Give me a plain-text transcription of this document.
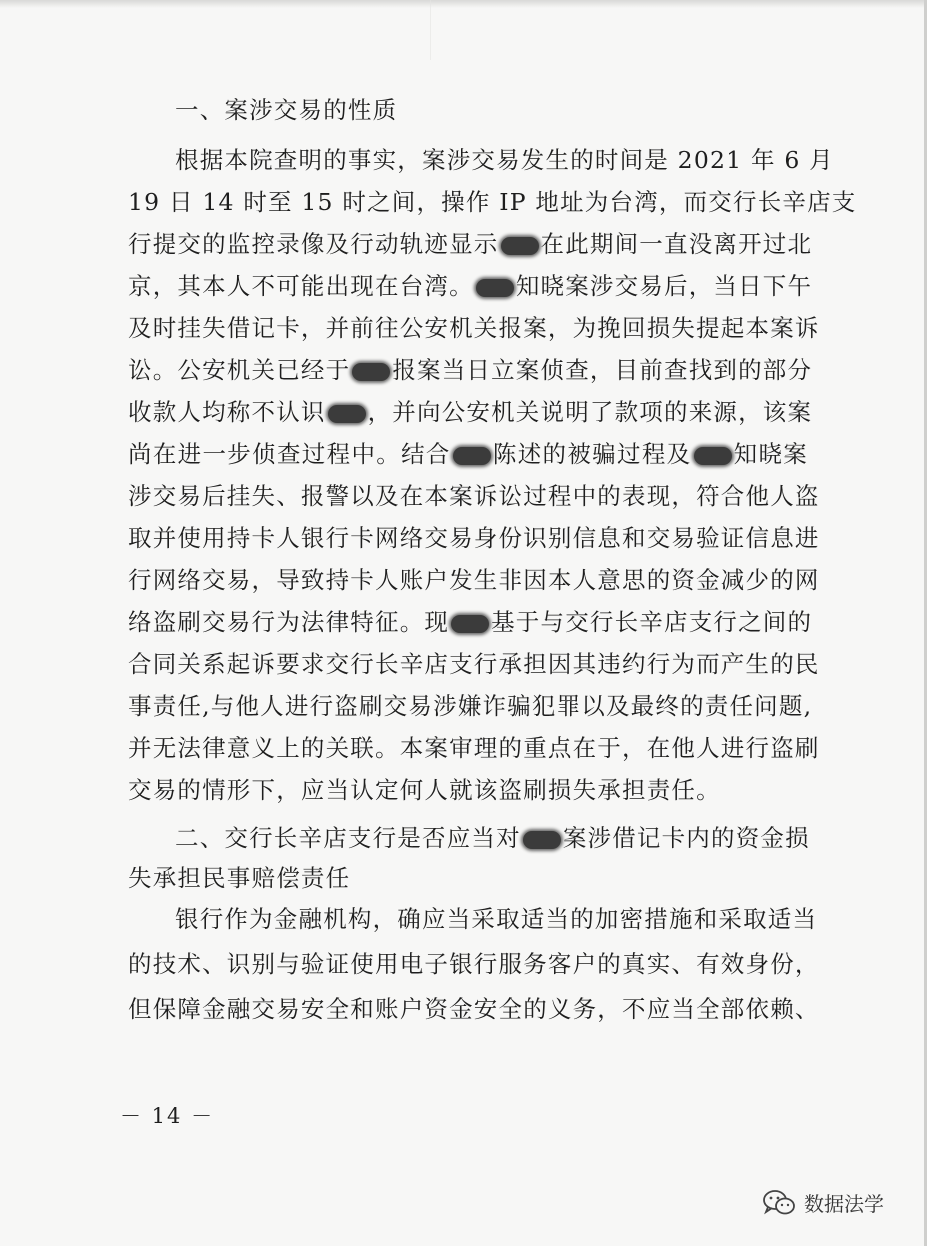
一、案涉交易的性质
根据本院查明的事实，案涉交易发生的时间是 2021 年 6 月
19 日 14 时至 15 时之间，操作 IP 地址为台湾，而交行长辛店支
行提交的监控录像及行动轨迹显示 在此期间一直没离开过北
京，其本人不可能出现在台湾。 知晓案涉交易后，当日下午
及时挂失借记卡，并前往公安机关报案，为挽回损失提起本案诉
讼。公安机关已经于 报案当日立案侦查，目前查找到的部分
收款人均称不认识 ，并向公安机关说明了款项的来源，该案
尚在进一步侦查过程中。结合 陈述的被骗过程及 知晓案
涉交易后挂失、报警以及在本案诉讼过程中的表现，符合他人盗
取并使用持卡人银行卡网络交易身份识别信息和交易验证信息进
行网络交易，导致持卡人账户发生非因本人意思的资金减少的网
络盗刷交易行为法律特征。现 基于与交行长辛店支行之间的
合同关系起诉要求交行长辛店支行承担因其违约行为而产生的民
事责任,与他人进行盗刷交易涉嫌诈骗犯罪以及最终的责任问题,
并无法律意义上的关联。本案审理的重点在于，在他人进行盗刷
交易的情形下，应当认定何人就该盗刷损失承担责任。
二、交行长辛店支行是否应当对 案涉借记卡内的资金损
失承担民事赔偿责任
银行作为金融机构，确应当采取适当的加密措施和采取适当
的技术、识别与验证使用电子银行服务客户的真实、有效身份，
但保障金融交易安全和账户资金安全的义务，不应当全部依赖、
－ 14 －
数据法学
